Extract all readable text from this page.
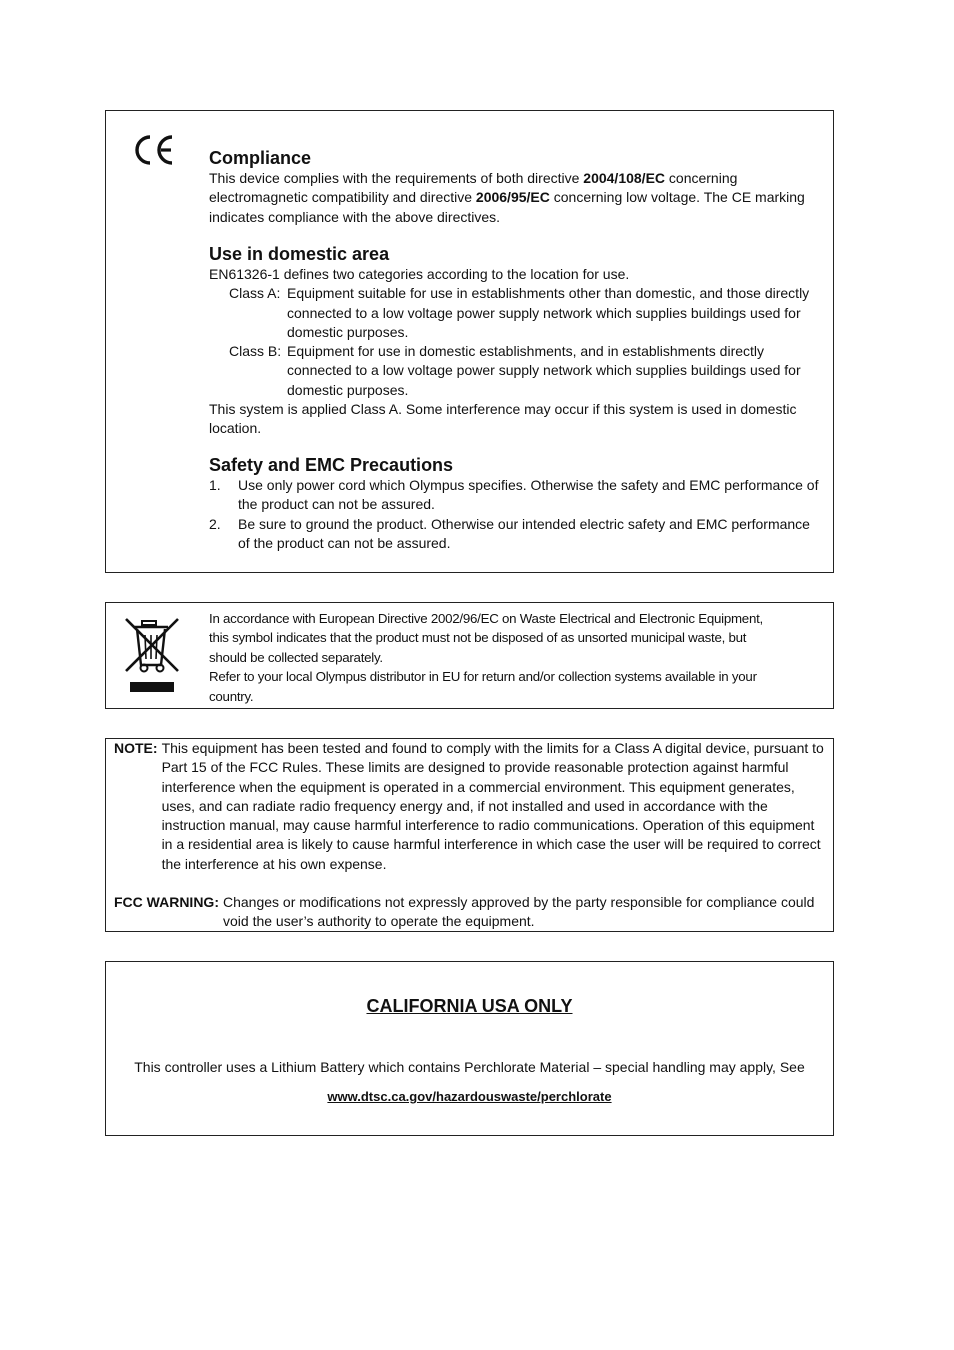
Compliance

This device complies with the requirements of both directive 2004/108/EC concerning electromagnetic compatibility and directive 2006/95/EC concerning low voltage. The CE marking indicates compliance with the above directives.

Use in domestic area

EN61326-1 defines two categories according to the location for use.

Class A: Equipment suitable for use in establishments other than domestic, and those directly connected to a low voltage power supply network which supplies buildings used for domestic purposes.
Class B: Equipment for use in domestic establishments, and in establishments directly connected to a low voltage power supply network which supplies buildings used for domestic purposes.

This system is applied Class A. Some interference may occur if this system is used in domestic location.

Safety and EMC Precautions

1.	Use only power cord which Olympus specifies. Otherwise the safety and EMC performance of the product can not be assured.
2.	Be sure to ground the product. Otherwise our intended electric safety and EMC performance of the product can not be assured.
In accordance with European Directive 2002/96/EC on Waste Electrical and Electronic Equipment,
this symbol indicates that the product must not be disposed of as unsorted municipal waste, but
should be collected separately.
Refer to your local Olympus distributor in EU for return and/or collection systems available in your
country.
NOTE: This equipment has been tested and found to comply with the limits for a Class A digital device, pursuant to Part 15 of the FCC Rules. These limits are designed to provide reasonable protection against harmful interference when the equipment is operated in a commercial environment. This equipment generates, uses, and can radiate radio frequency energy and, if not installed and used in accordance with the instruction manual, may cause harmful interference to radio communications. Operation of this equipment in a residential area is likely to cause harmful interference in which case the user will be required to correct the interference at his own expense.
FCC WARNING: Changes or modifications not expressly approved by the party responsible for compliance could void the user’s authority to operate the equipment.
CALIFORNIA USA ONLY
This controller uses a Lithium Battery which contains Perchlorate Material – special handling may apply, See
www.dtsc.ca.gov/hazardouswaste/perchlorate
